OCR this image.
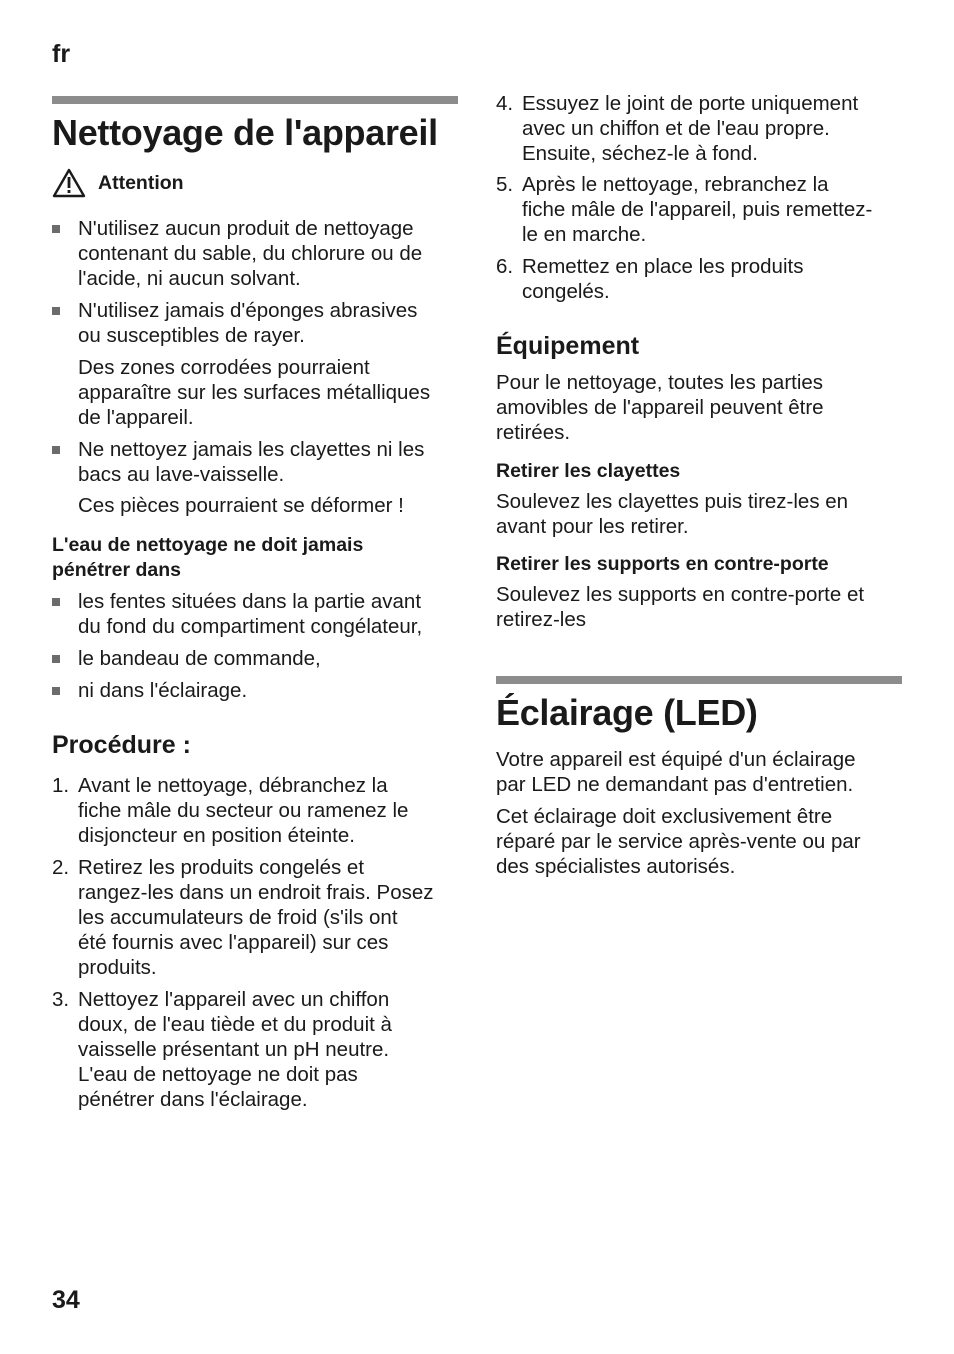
fr
Nettoyage de l'appareil
Attention

N'utilisez aucun produit de nettoyage

contenant du sable, du chlorure ou de

l'acide, ni aucun solvant.

N'utilisez jamais d'éponges abrasives

ou susceptibles de rayer.

Des zones corrodées pourraient

apparaître sur les surfaces métalliques

de l'appareil.

Ne nettoyez jamais les clayettes ni les

bacs au lave-vaisselle.

Ces pièces pourraient se déformer !

L'eau de nettoyage ne doit jamais
pénétrer dans

les fentes situées dans la partie avant

du fond du compartiment congélateur,

le bandeau de commande,

ni dans l'éclairage.

Procédure :
1. Avant le nettoyage, débranchez la

fiche mâle du secteur ou ramenez le

disjoncteur en position éteinte.

2. Retirez les produits congelés et

rangez-les dans un endroit frais. Posez

les accumulateurs de froid (s'ils ont

été fournis avec l'appareil) sur ces

produits.

3. Nettoyez l'appareil avec un chiffon

doux, de l'eau tiède et du produit à

vaisselle présentant un pH neutre.

L'eau de nettoyage ne doit pas

pénétrer dans l'éclairage.

4. Essuyez le joint de porte uniquement

avec un chiffon et de l'eau propre.

Ensuite, séchez-le à fond.

5. Après le nettoyage, rebranchez la

fiche mâle de l'appareil, puis remettez-

le en marche.

6. Remettez en place les produits

congelés.

Équipement

Pour le nettoyage, toutes les parties

amovibles de l'appareil peuvent être

retirées.

Retirer les clayettes

Soulevez les clayettes puis tirez-les en

avant pour les retirer.

Retirer les supports en contre-porte

Soulevez les supports en contre-porte et

retirez-les

Éclairage (LED)

Votre appareil est équipé d'un éclairage

par LED ne demandant pas d'entretien.

Cet éclairage doit exclusivement être

réparé par le service après-vente ou par

des spécialistes autorisés.

34
